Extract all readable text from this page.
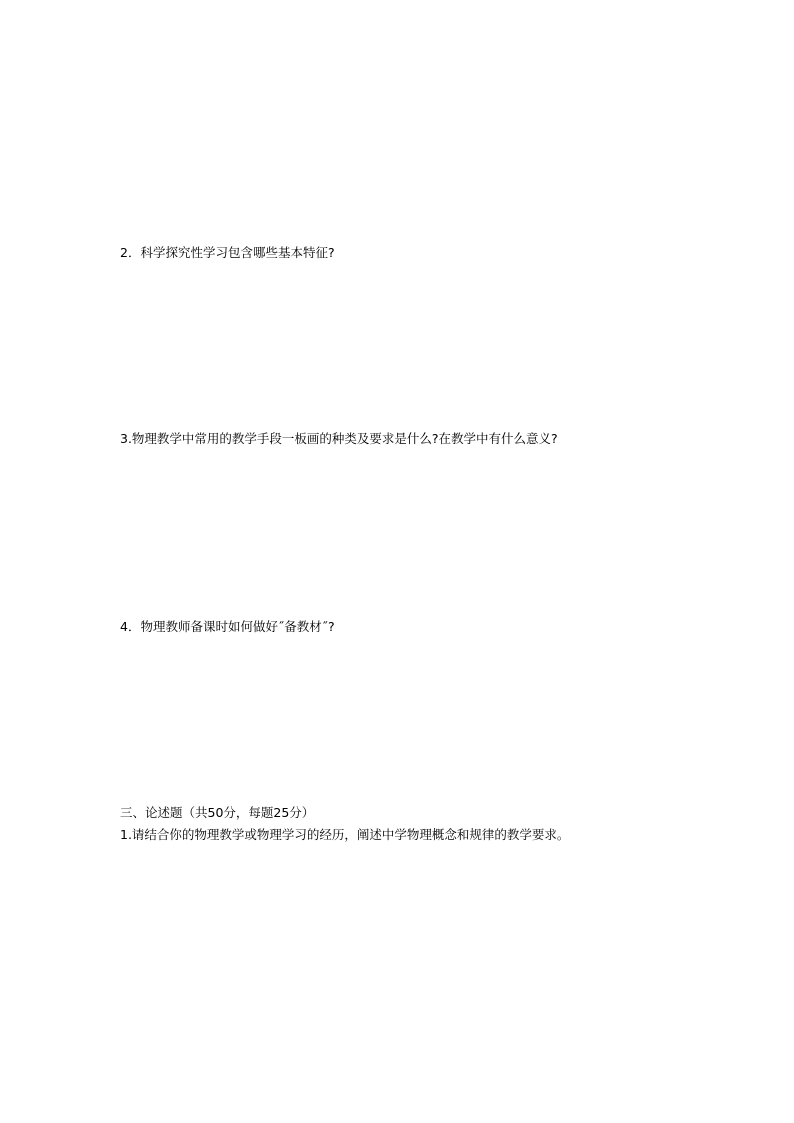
2．科学探究性学习包含哪些基本特征?
3.物理教学中常用的教学手段一板画的种类及要求是什么?在教学中有什么意义?
4．物理教师备课时如何做好˝备教材˝?
三、论述题（共50分，每题25分）
1.请结合你的物理教学或物理学习的经历，阐述中学物理概念和规律的教学要求。
